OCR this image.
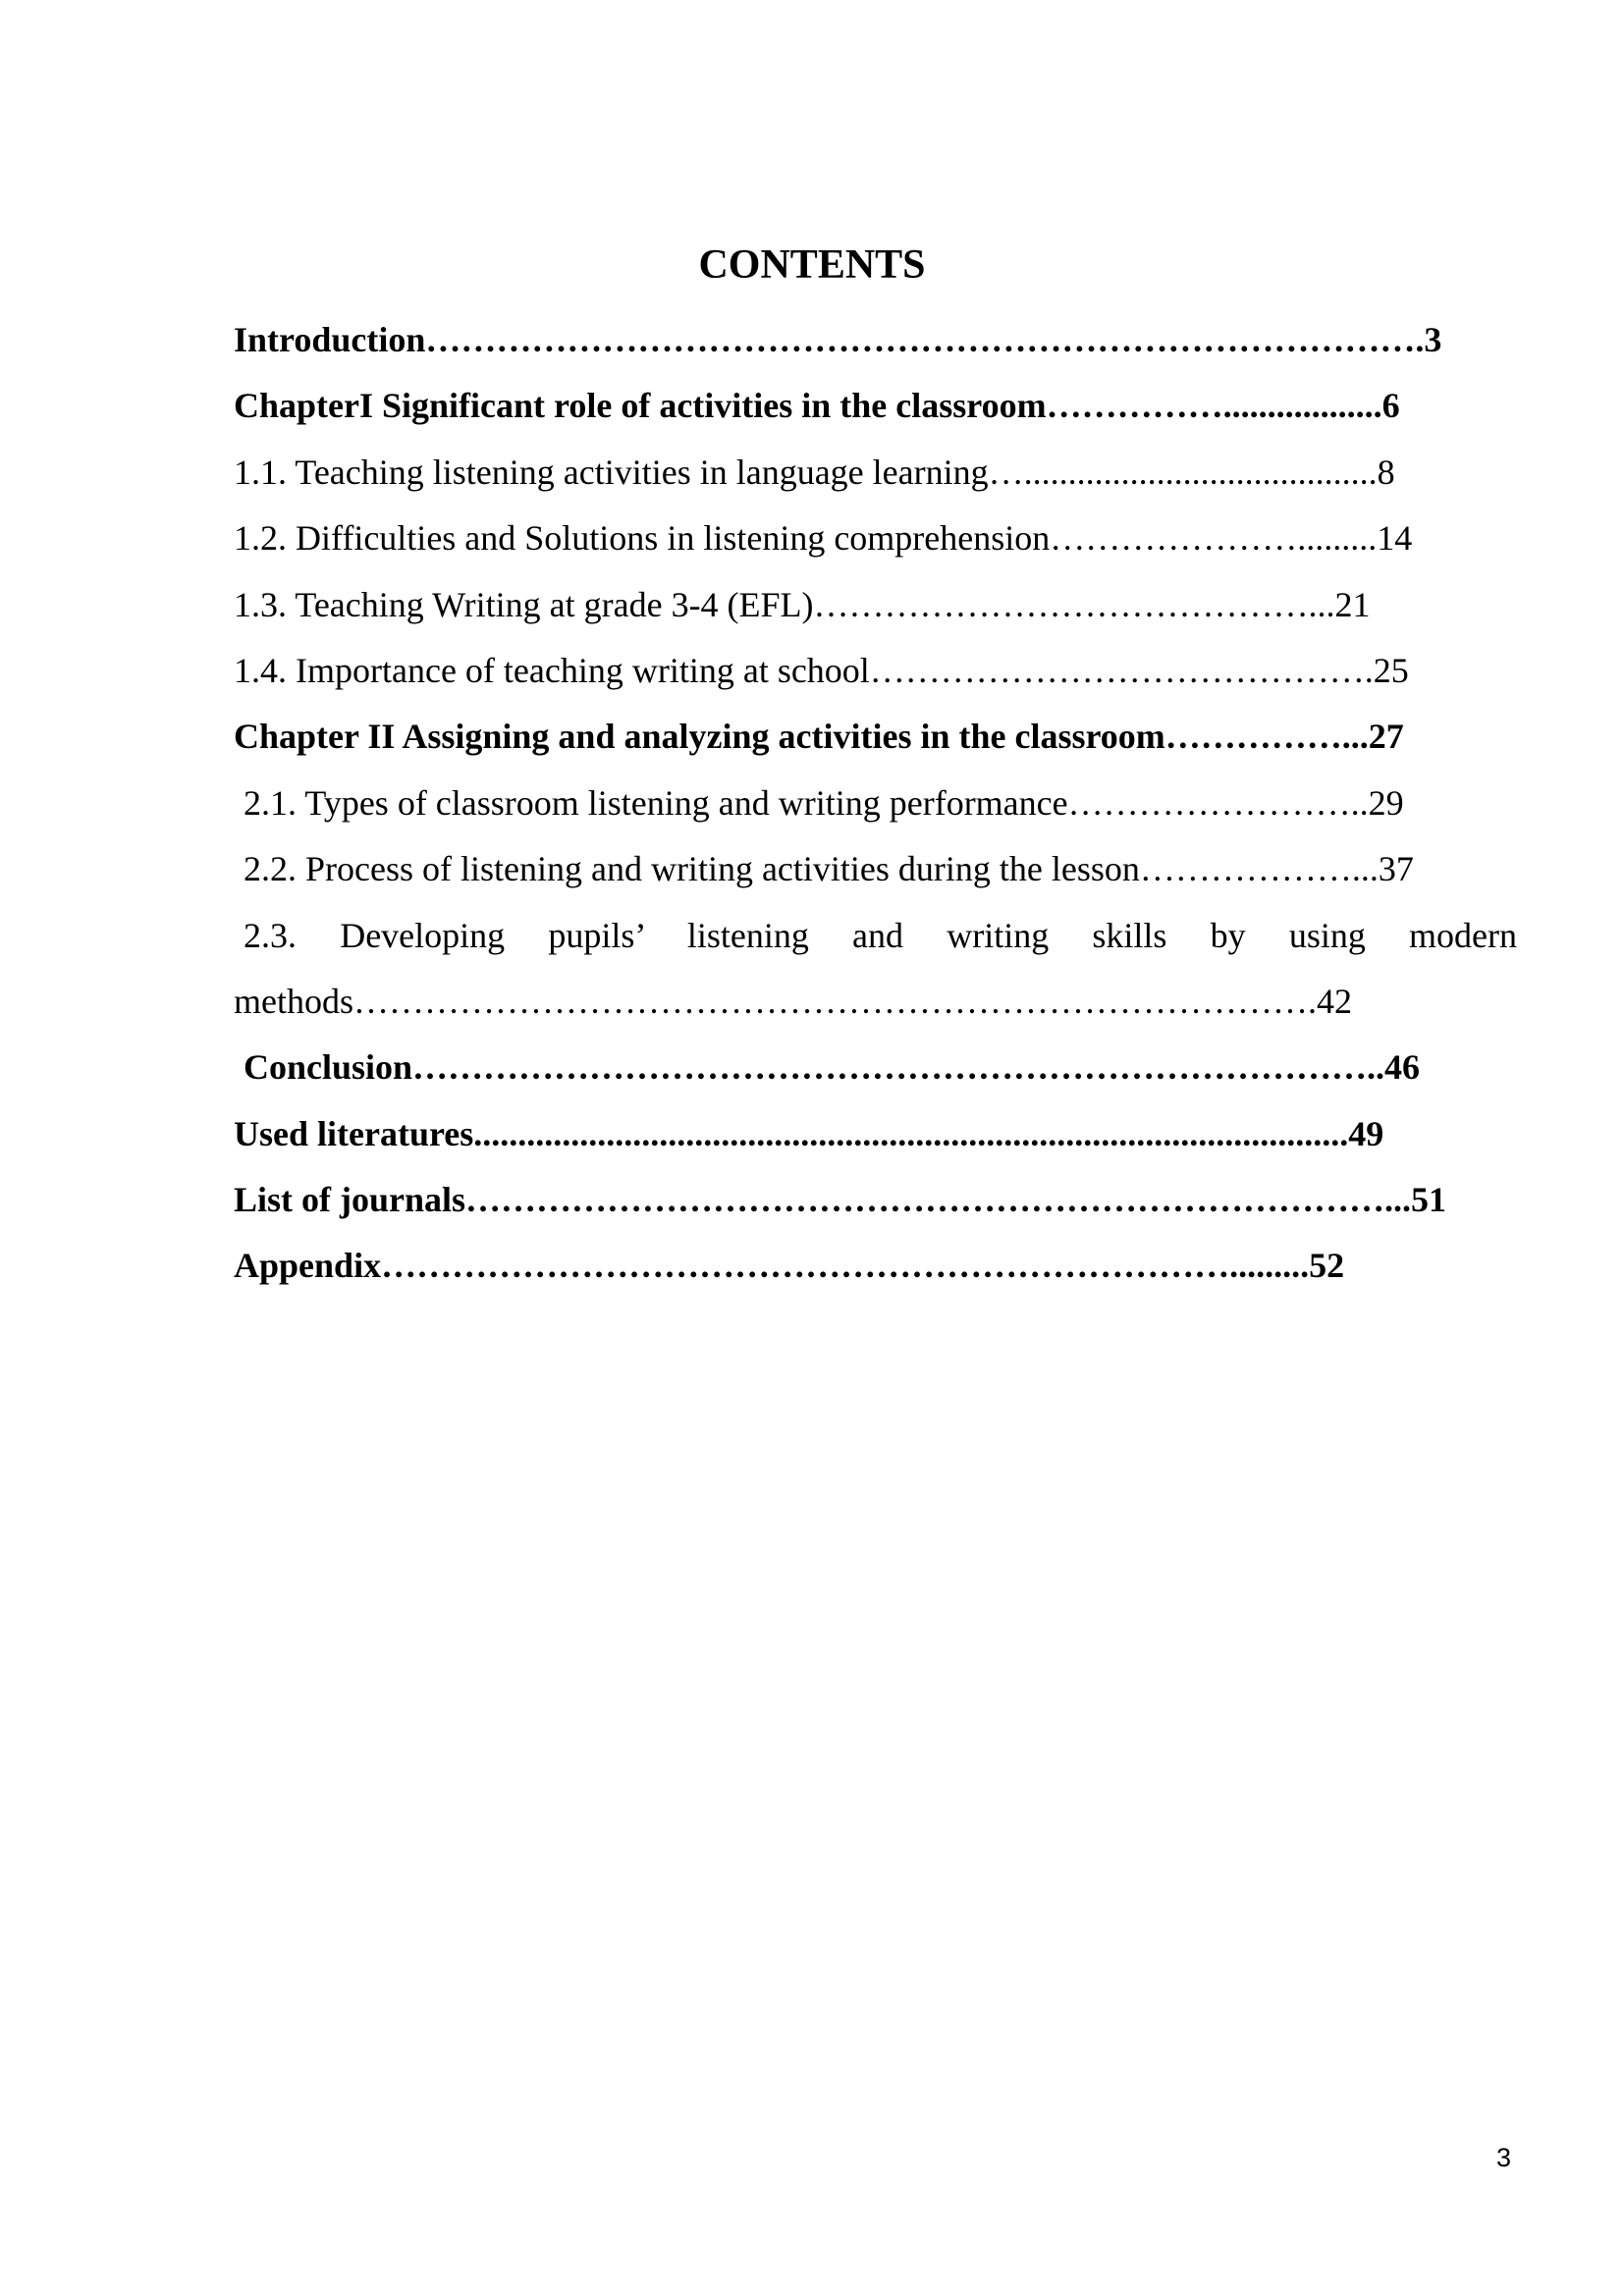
CONTENTS
Introduction………………………………………………………………………….3
ChapterI Significant role of activities in the classroom……………..................6
1.1. Teaching listening activities in language learning…........................................8
1.2. Difficulties and Solutions in listening comprehension………………….........14
1.3. Teaching Writing at grade 3-4 (EFL)……………………………………...21
1.4. Importance of teaching writing at school…………………………………….25
Chapter II Assigning and analyzing activities in the classroom……………...27
2.1. Types of classroom listening and writing performance……………………..29
2.2. Process of listening and writing activities during the lesson………………...37
2.3. Developing pupils’ listening and writing skills by using modern
methods……………………………………………………………………….42
Conclusion………………………………………………………………………..46
Used literatures...................................................................................................49
List of journals……………………………………………………………………...51
Appendix……………………………………………………………….........52
3
